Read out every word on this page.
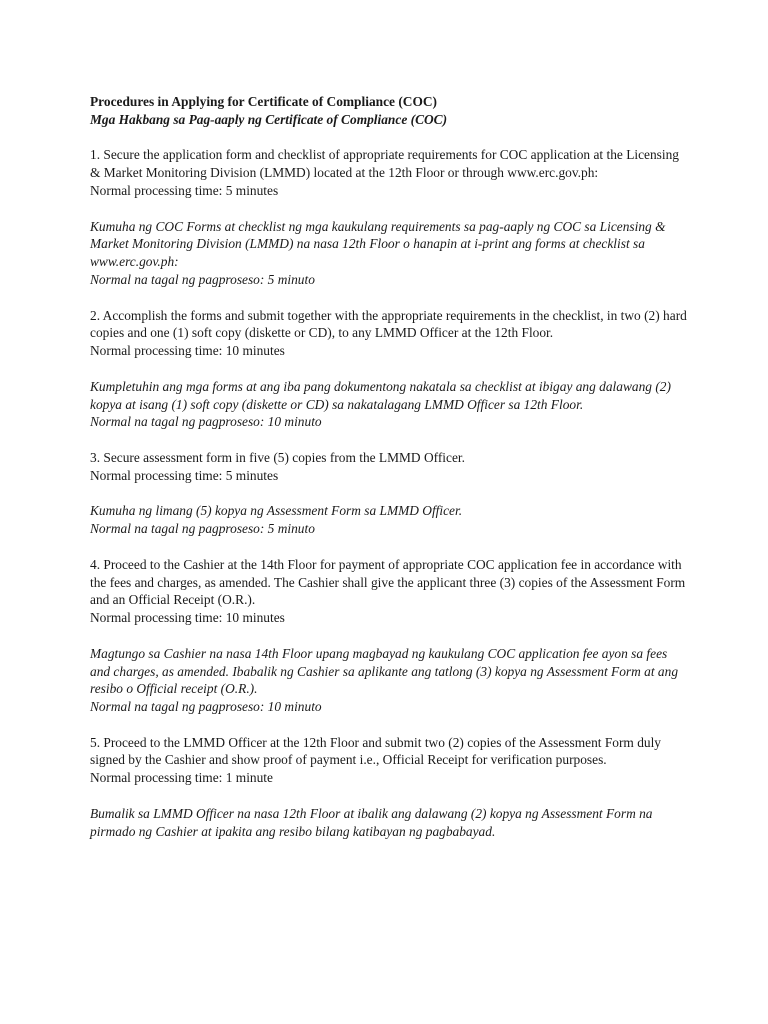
Procedures in Applying for Certificate of Compliance (COC)

Mga Hakbang sa Pag-aaply ng Certificate of Compliance (COC)

1. Secure the application form and checklist of appropriate requirements for COC application at the Licensing & Market Monitoring Division (LMMD) located at the 12th Floor or through www.erc.gov.ph:

Normal processing time: 5 minutes

Kumuha ng COC Forms at checklist ng mga kaukulang requirements sa pag-aaply ng COC sa Licensing & Market Monitoring Division (LMMD) na nasa 12th Floor o hanapin at i-print ang forms at checklist sa www.erc.gov.ph:

Normal na tagal ng pagproseso: 5 minuto

2. Accomplish the forms and submit together with the appropriate requirements in the checklist, in two (2) hard copies and one (1) soft copy (diskette or CD), to any LMMD Officer at the 12th Floor.

Normal processing time: 10 minutes

Kumpletuhin ang mga forms at ang iba pang dokumentong nakatala sa checklist at ibigay ang dalawang (2) kopya at isang (1) soft copy (diskette or CD) sa nakatalagang LMMD Officer sa 12th Floor.

Normal na tagal ng pagproseso: 10 minuto

3. Secure assessment form in five (5) copies from the LMMD Officer.

Normal processing time: 5 minutes

Kumuha ng limang (5) kopya ng Assessment Form sa LMMD Officer.

Normal na tagal ng pagproseso: 5 minuto

4. Proceed to the Cashier at the 14th Floor for payment of appropriate COC application fee in accordance with the fees and charges, as amended. The Cashier shall give the applicant three (3) copies of the Assessment Form and an Official Receipt (O.R.).

Normal processing time: 10 minutes

Magtungo sa Cashier na nasa 14th Floor upang magbayad ng kaukulang COC application fee ayon sa fees and charges, as amended. Ibabalik ng Cashier sa aplikante ang tatlong (3) kopya ng Assessment Form at ang resibo o Official receipt (O.R.).

Normal na tagal ng pagproseso: 10 minuto

5. Proceed to the LMMD Officer at the 12th Floor and submit two (2) copies of the Assessment Form duly signed by the Cashier and show proof of payment i.e., Official Receipt for verification purposes.

Normal processing time: 1 minute

Bumalik sa LMMD Officer na nasa 12th Floor at ibalik ang dalawang (2) kopya ng Assessment Form na pirmado ng Cashier at ipakita ang resibo bilang katibayan ng pagbabayad.
